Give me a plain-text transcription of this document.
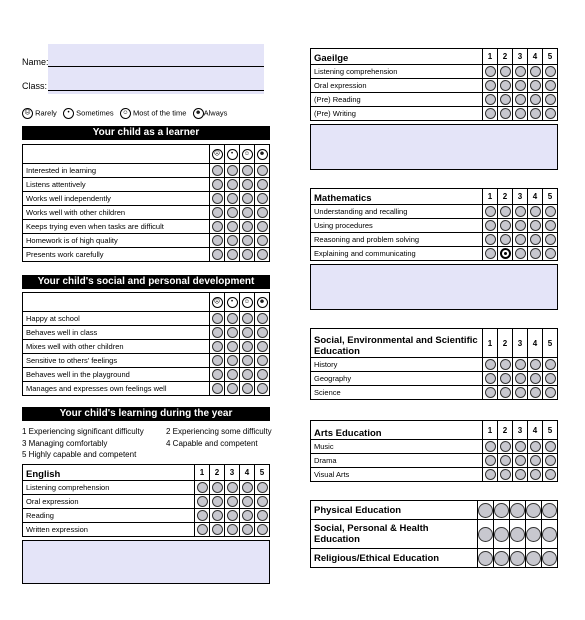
Name:
Class:
☹ Rarely • Sometimes ☺ Most of the time ☻ Always
Your child as a learner
	☹	•	☺	☻
Interested in learning				
Listens attentively				
Works well independently				
Works well with other children				
Keeps trying even when tasks are difficult				
Homework is of high quality				
Presents work carefully				
Your child's social and personal development
	☹	•	☺	☻
Happy at school				
Behaves well in class				
Mixes well with other children				
Sensitive to others' feelings				
Behaves well in the playground				
Manages and expresses own feelings well				
Your child's learning during the year
1 Experiencing significant difficulty	2 Experiencing some difficulty
3 Managing comfortably	4 Capable and competent
5 Highly capable and competent
English	1	2	3	4	5
Listening comprehension					
Oral expression					
Reading					
Written expression					
Gaeilge	1	2	3	4	5
Listening comprehension					
Oral expression					
(Pre) Reading					
(Pre) Writing					
Mathematics	1	2	3	4	5
Understanding and recalling					
Using procedures					
Reasoning and problem solving					
Explaining and communicating					
Social, Environmental and Scientific Education	1	2	3	4	5
History					
Geography					
Science					
Arts Education	1	2	3	4	5
Music					
Drama					
Visual Arts					
Physical Education					
Social, Personal & Health Education					
Religious/Ethical Education					
